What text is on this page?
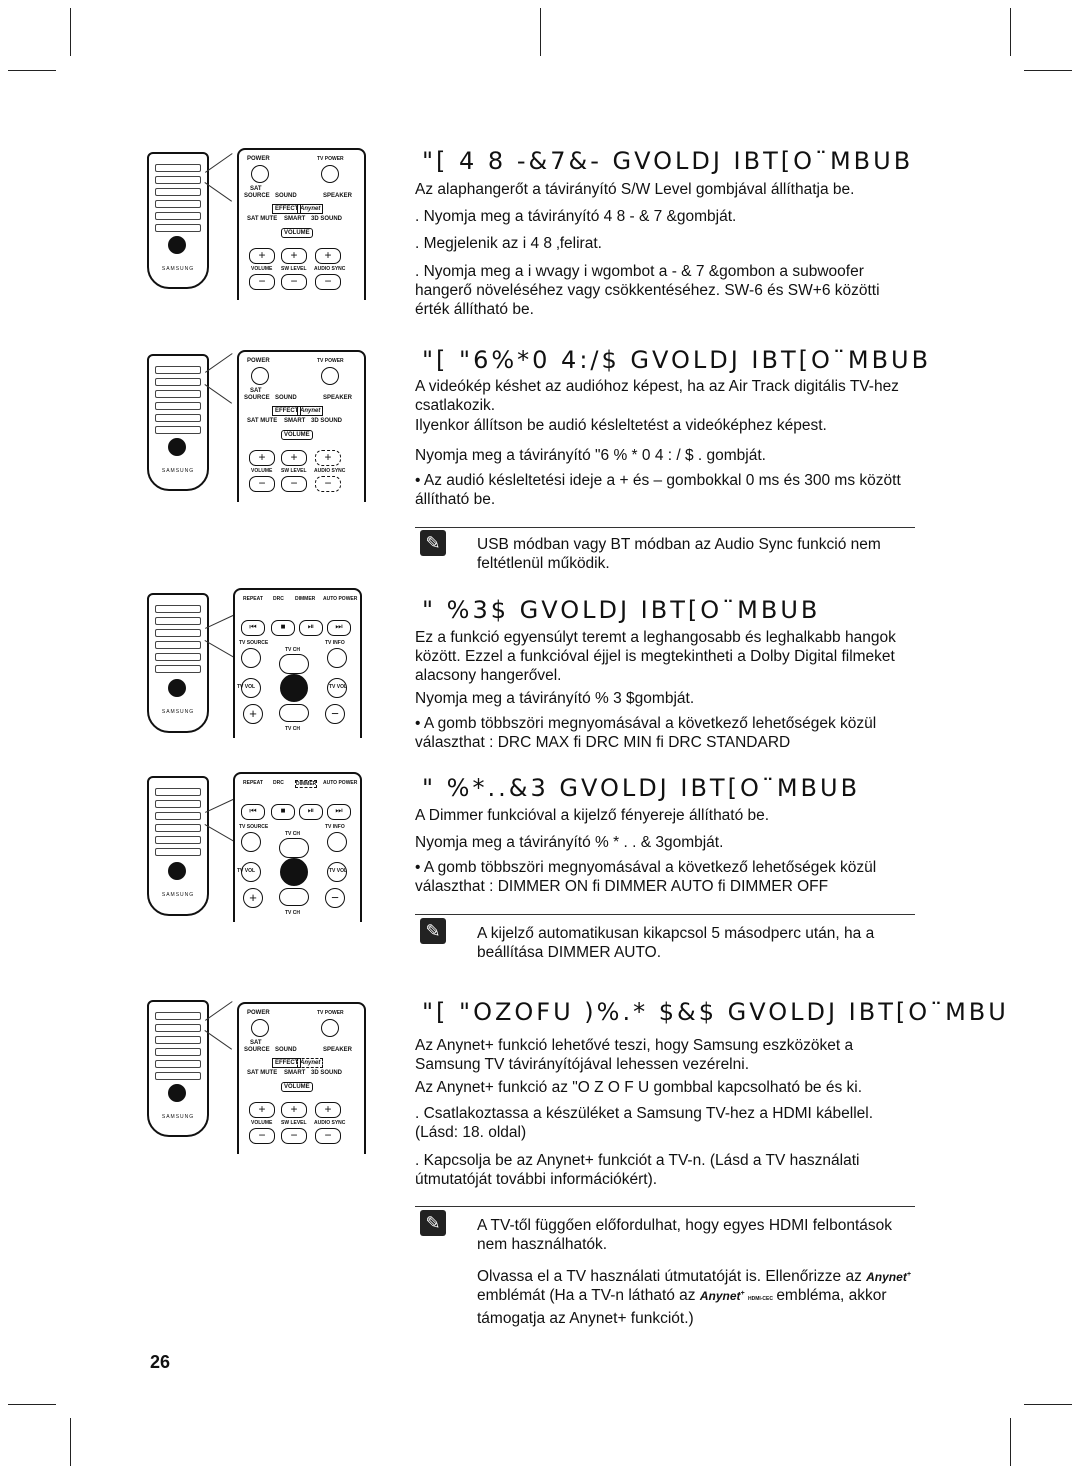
SAMSUNG
POWER	TV POWER
SAT
SOURCE SOUND	SPEAKER
EFFECT Anynet
SAT MUTE SMART 3D SOUND
VOLUME
+	+	+
VOLUME SW LEVEL AUDIO SYNC
−	−	−
"[ 4 8 -&7&- GVOLDJ IBT[O¨MBUB
Az alaphangerőt a távirányító S/W Level gombjával állíthatja be.
. Nyomja meg a távirányító 4 8 - & 7 &gombját.
. Megjelenik az i 4 8 ‚felirat.
. Nyomja meg a i wvagy i wgombot a - & 7 &gombon a subwoofer hangerő növeléséhez vagy csökkentéséhez. SW-6 és SW+6 közötti érték állítható be.
SAMSUNG
POWER	TV POWER
SAT
SOURCE SOUND	SPEAKER
EFFECT Anynet
SAT MUTE SMART 3D SOUND
VOLUME
+	+	+
VOLUME SW LEVEL AUDIO SYNC
−	−	−
"[ "6%*0 4:/$ GVOLDJ IBT[O¨MBUB
A videókép késhet az audióhoz képest, ha az Air Track digitális TV-hez csatlakozik.
Ilyenkor állítson be audió késleltetést a videóképhez képest.
Nyomja meg a távirányító "6 % * 0 4 : / $ . gombját.
• Az audió késleltetési ideje a + és – gombokkal 0 ms és 300 ms között állítható be.
✎	USB módban vagy BT módban az Audio Sync funkció nem feltétlenül működik.
SAMSUNG
REPEAT DRC DIMMER AUTO POWER
⏮	■	⏯	⏭
TV SOURCE	TV INFO
TV CH
TV VOL	TV VOL
+	−
TV CH
" %3$ GVOLDJ IBT[O¨MBUB
Ez a funkció egyensúlyt teremt a leghangosabb és leghalkabb hangok között. Ezzel a funkcióval éjjel is megtekintheti a Dolby Digital filmeket alacsony hangerővel.
Nyomja meg a távirányító % 3 $gombját.
• A gomb többszöri megnyomásával a következő lehetőségek közül választhat : DRC MAX ﬁ DRC MIN ﬁ DRC STANDARD
SAMSUNG
REPEAT DRC DIMMER AUTO POWER
⏮	■	⏯	⏭
TV SOURCE	TV INFO
TV CH
TV VOL	TV VOL
+	−
TV CH
" %*..&3 GVOLDJ IBT[O¨MBUB
A Dimmer funkcióval a kijelző fényereje állítható be.
Nyomja meg a távirányító % * . . & 3gombját.
• A gomb többszöri megnyomásával a következő lehetőségek közül választhat : DIMMER ON ﬁ DIMMER AUTO ﬁ DIMMER OFF
✎	A kijelző automatikusan kikapcsol 5 másodperc után, ha a beállítása DIMMER AUTO.
SAMSUNG
POWER	TV POWER
SAT
SOURCE SOUND	SPEAKER
EFFECT Anynet
SAT MUTE SMART 3D SOUND
VOLUME
+	+	+
VOLUME SW LEVEL AUDIO SYNC
−	−	−
"[ "OZOFU )%.* $&$ GVOLDJ IBT[O¨MBU
Az Anynet+ funkció lehetővé teszi, hogy Samsung eszközöket a Samsung TV távirányítójával lehessen vezérelni.
Az Anynet+ funkció az "O Z O F U gombbal kapcsolható be és ki.
. Csatlakoztassa a készüléket a Samsung TV-hez a HDMI kábellel. (Lásd: 18. oldal)
. Kapcsolja be az Anynet+ funkciót a TV-n. (Lásd a TV használati útmutatóját további információkért).
✎	A TV-től függően előfordulhat, hogy egyes HDMI felbontások nem használhatók.
Olvassa el a TV használati útmutatóját is. Ellenőrizze az Anynet+
emblémát (Ha a TV-n látható az Anynet+ HDMI-CEC embléma, akkor támogatja az Anynet+ funkciót.)
26
